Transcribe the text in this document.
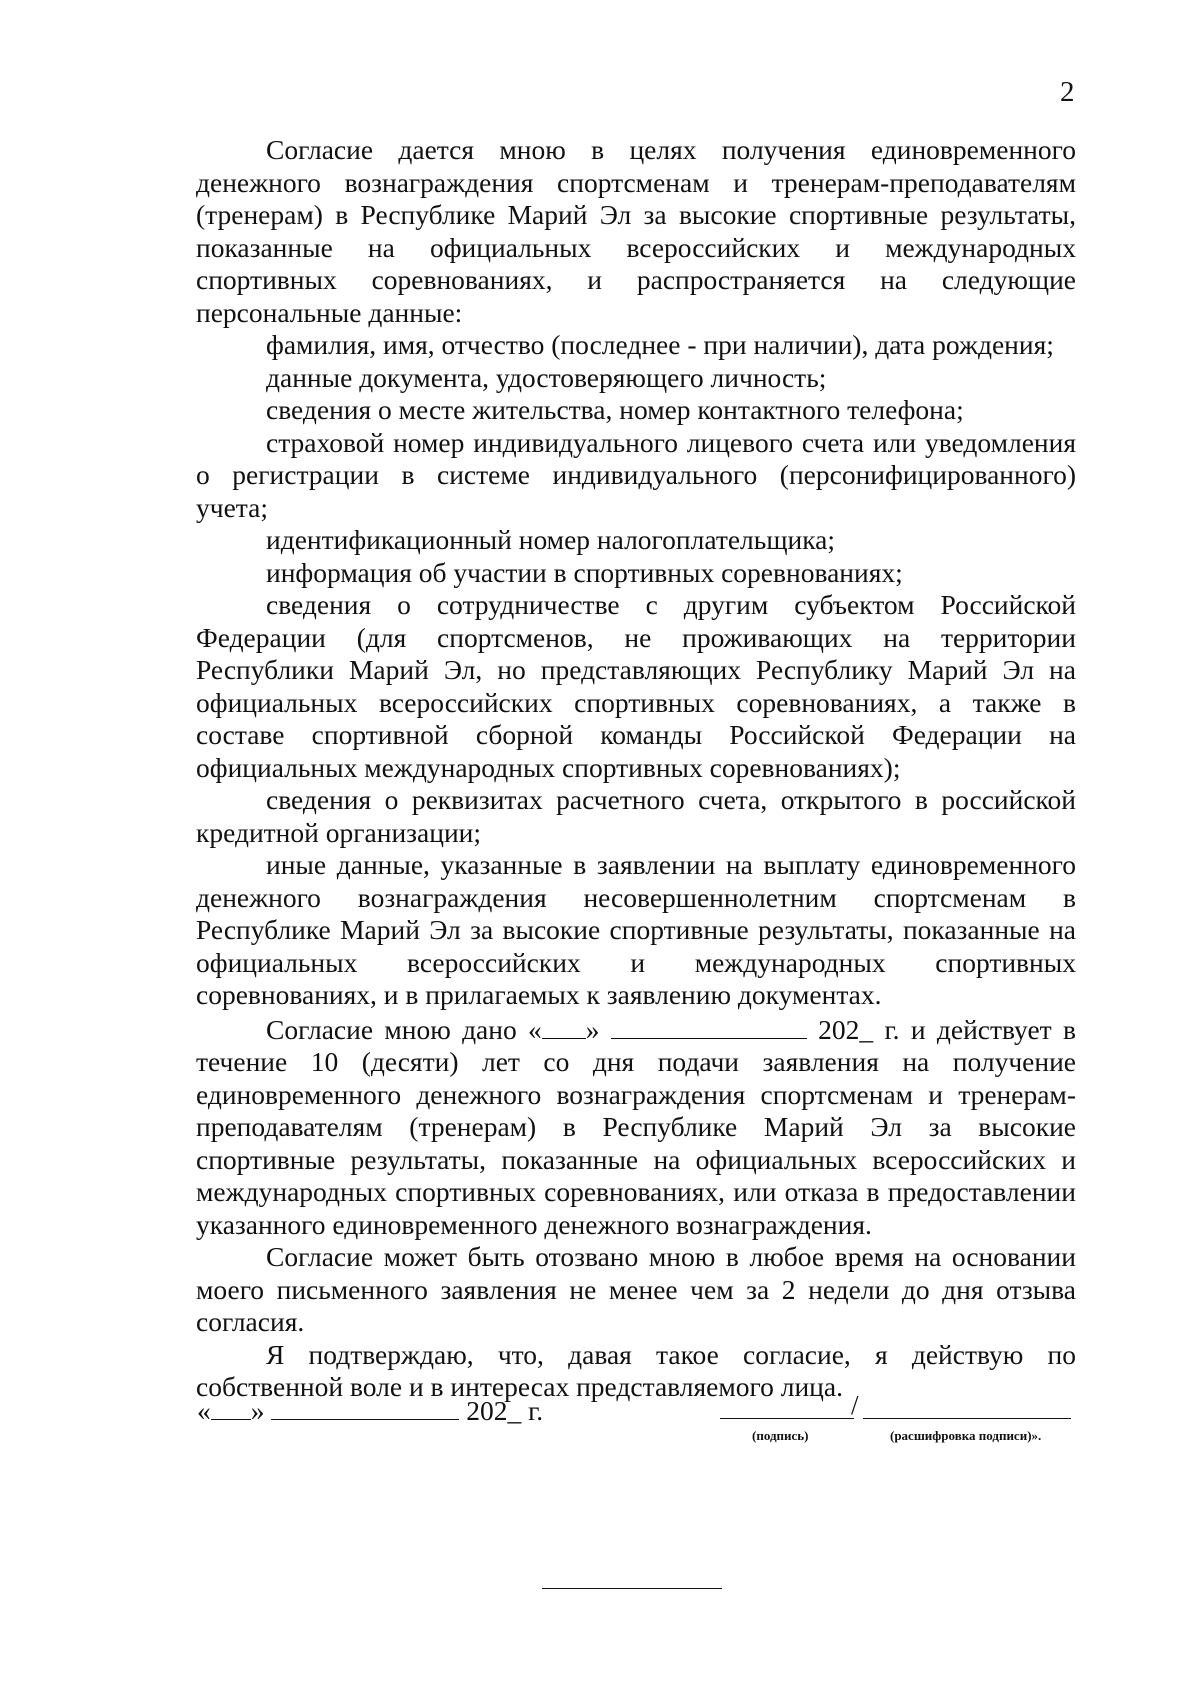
2

Согласие дается мною в целях получения единовременного денежного вознаграждения спортсменам и тренерам-преподавателям (тренерам) в Республике Марий Эл за высокие спортивные результаты, показанные на официальных всероссийских и международных спортивных соревнованиях, и распространяется на следующие персональные данные:

фамилия, имя, отчество (последнее - при наличии), дата рождения;

данные документа, удостоверяющего личность;

сведения о месте жительства, номер контактного телефона;

страховой номер индивидуального лицевого счета или уведомления о регистрации в системе индивидуального (персонифицированного) учета;

идентификационный номер налогоплательщика;

информация об участии в спортивных соревнованиях;

сведения о сотрудничестве с другим субъектом Российской Федерации (для спортсменов, не проживающих на территории Республики Марий Эл, но представляющих Республику Марий Эл на официальных всероссийских спортивных соревнованиях, а также в составе спортивной сборной команды Российской Федерации на официальных международных спортивных соревнованиях);

сведения о реквизитах расчетного счета, открытого в российской кредитной организации;

иные данные, указанные в заявлении на выплату единовременного денежного вознаграждения несовершеннолетним спортсменам в Республике Марий Эл за высокие спортивные результаты, показанные на официальных всероссийских и международных спортивных соревнованиях, и в прилагаемых к заявлению документах.

Согласие мною дано « »	202_ г. и действует в течение 10 (десяти) лет со дня подачи заявления на получение единовременного денежного вознаграждения спортсменам и тренерам-преподавателям (тренерам) в Республике Марий Эл за высокие спортивные результаты, показанные на официальных всероссийских и международных спортивных соревнованиях, или отказа в предоставлении указанного единовременного денежного вознаграждения.

Согласие может быть отозвано мною в любое время на основании моего письменного заявления не менее чем за 2 недели до дня отзыва согласия.

Я подтверждаю, что, давая такое согласие, я действую по собственной воле и в интересах представляемого лица.

« »	202_ г.	/
(подпись)	(расшифровка подписи)».
